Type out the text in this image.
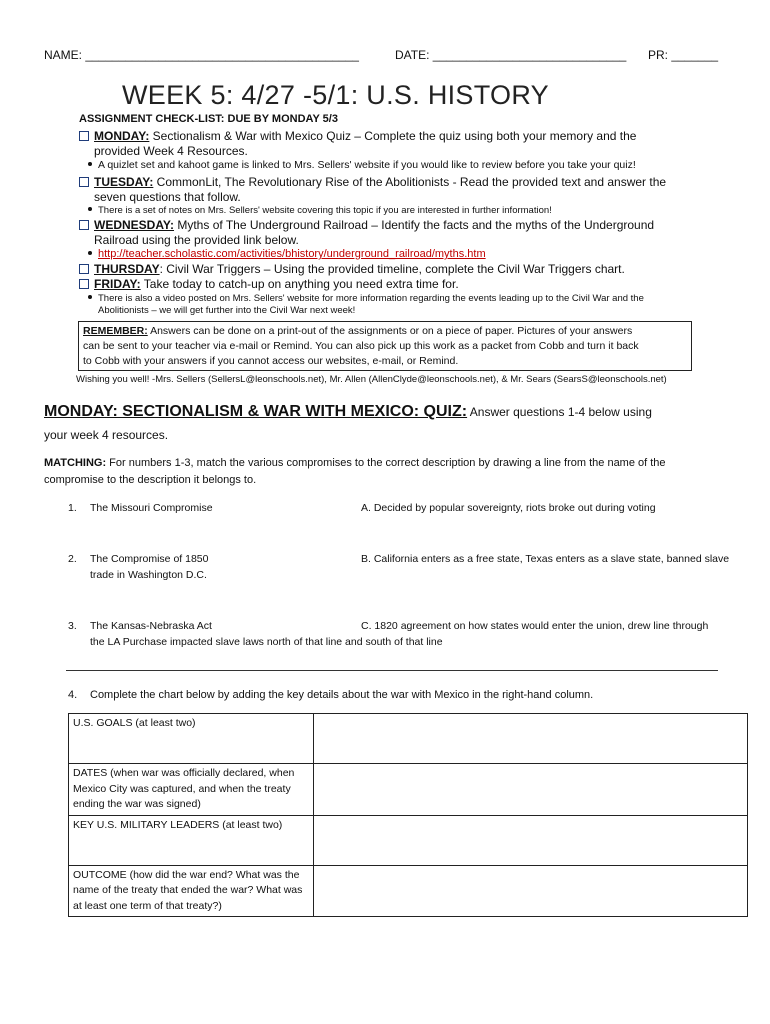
NAME: _________________________________________	DATE: _____________________________ PR: _______
WEEK 5: 4/27 -5/1: U.S. HISTORY
ASSIGNMENT CHECK-LIST: DUE BY MONDAY 5/3
MONDAY: Sectionalism & War with Mexico Quiz – Complete the quiz using both your memory and the
provided Week 4 Resources.
A quizlet set and kahoot game is linked to Mrs. Sellers' website if you would like to review before you take your quiz!
TUESDAY: CommonLit, The Revolutionary Rise of the Abolitionists - Read the provided text and answer the
seven questions that follow.
There is a set of notes on Mrs. Sellers' website covering this topic if you are interested in further information!
WEDNESDAY: Myths of The Underground Railroad – Identify the facts and the myths of the Underground
Railroad using the provided link below.
http://teacher.scholastic.com/activities/bhistory/underground_railroad/myths.htm
THURSDAY: Civil War Triggers – Using the provided timeline, complete the Civil War Triggers chart.
FRIDAY: Take today to catch-up on anything you need extra time for.
There is also a video posted on Mrs. Sellers' website for more information regarding the events leading up to the Civil War and the
Abolitionists – we will get further into the Civil War next week!
REMEMBER: Answers can be done on a print-out of the assignments or on a piece of paper. Pictures of your answers
can be sent to your teacher via e-mail or Remind. You can also pick up this work as a packet from Cobb and turn it back
to Cobb with your answers if you cannot access our websites, e-mail, or Remind.
Wishing you well! -Mrs. Sellers (SellersL@leonschools.net), Mr. Allen (AllenClyde@leonschools.net), & Mr. Sears (SearsS@leonschools.net)
MONDAY: SECTIONALISM & WAR WITH MEXICO: QUIZ: Answer questions 1-4 below using
your week 4 resources.
MATCHING: For numbers 1-3, match the various compromises to the correct description by drawing a line from the name of the
compromise to the description it belongs to.
1. The Missouri Compromise	A. Decided by popular sovereignty, riots broke out during voting
2. The Compromise of 1850	B. California enters as a free state, Texas enters as a slave state, banned slave
trade in Washington D.C.
3. The Kansas-Nebraska Act	C. 1820 agreement on how states would enter the union, drew line through
the LA Purchase impacted slave laws north of that line and south of that line
4. Complete the chart below by adding the key details about the war with Mexico in the right-hand column.
U.S. GOALS (at least two)	
DATES (when war was officially declared, when Mexico City was captured, and when the treaty ending the war was signed)	
KEY U.S. MILITARY LEADERS (at least two)	
OUTCOME (how did the war end? What was the name of the treaty that ended the war? What was at least one term of that treaty?)	
